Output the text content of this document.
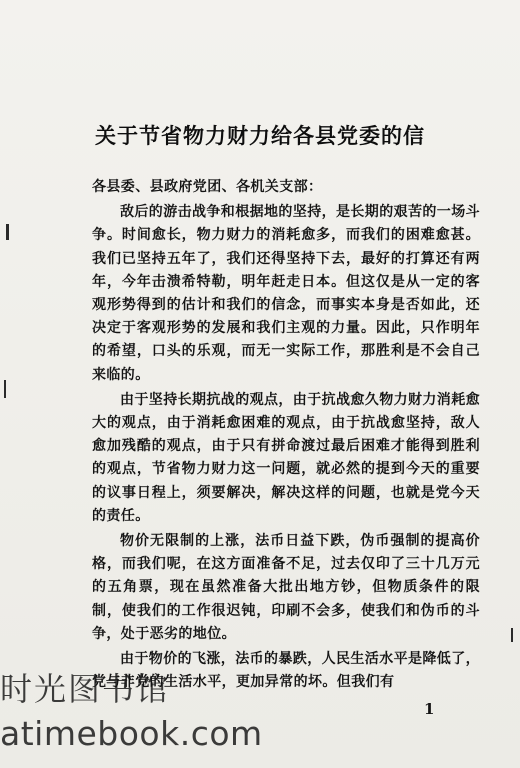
关于节省物力财力给各县党委的信

各县委、县政府党团、各机关支部：

敌后的游击战争和根据地的坚持，是长期的艰苦的一场斗争。时间愈长，物力财力的消耗愈多，而我们的困难愈甚。我们已坚持五年了，我们还得坚持下去，最好的打算还有两年，今年击溃希特勒，明年赶走日本。但这仅是从一定的客观形势得到的估计和我们的信念，而事实本身是否如此，还决定于客观形势的发展和我们主观的力量。因此，只作明年的希望，口头的乐观，而无一实际工作，那胜利是不会自己来临的。

由于坚持长期抗战的观点，由于抗战愈久物力财力消耗愈大的观点，由于消耗愈困难的观点，由于抗战愈坚持，敌人愈加残酷的观点，由于只有拼命渡过最后困难才能得到胜利的观点，节省物力财力这一问题，就必然的提到今天的重要的议事日程上，须要解决，解决这样的问题，也就是党今天的责任。

物价无限制的上涨，法币日益下跌，伪币强制的提高价格，而我们呢，在这方面准备不足，过去仅印了三十几万元的五角票，现在虽然准备大批出地方钞，但物质条件的限制，使我们的工作很迟钝，印刷不会多，使我们和伪币的斗争，处于恶劣的地位。

由于物价的飞涨，法币的暴跌，人民生活水平是降低了，党与非党的生活水平，更加异常的坏。但我们有

1
时光图书馆
atimebook.com
